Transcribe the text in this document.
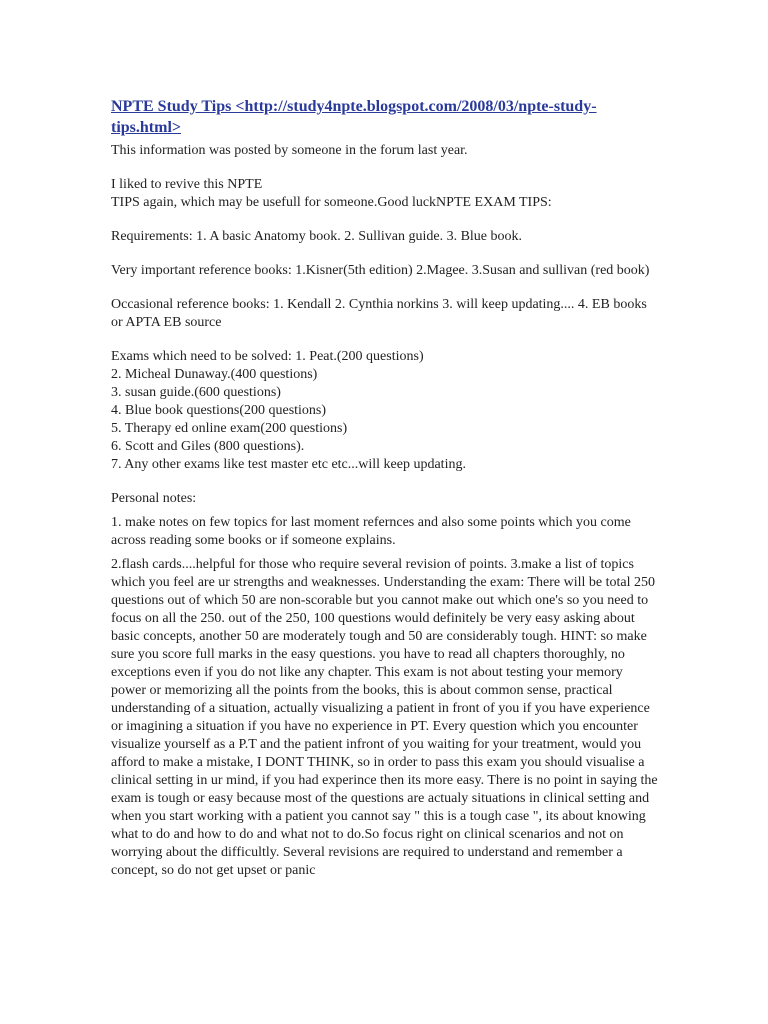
NPTE Study Tips <http://study4npte.blogspot.com/2008/03/npte-study-tips.html>

This information was posted by someone in the forum last year.

I liked to revive this NPTE

TIPS again, which may be usefull for someone.Good luckNPTE EXAM TIPS:

Requirements: 1. A basic Anatomy book. 2. Sullivan guide. 3. Blue book.

Very important reference books: 1.Kisner(5th edition) 2.Magee. 3.Susan and sullivan (red book)

Occasional reference books: 1. Kendall 2. Cynthia norkins 3. will keep updating.... 4. EB books or APTA EB source

Exams which need to be solved: 1. Peat.(200 questions)

2. Micheal Dunaway.(400 questions)

3. susan guide.(600 questions)

4. Blue book questions(200 questions)

5. Therapy ed online exam(200 questions)

6. Scott and Giles (800 questions).

7. Any other exams like test master etc etc...will keep updating.

Personal notes:

1. make notes on few topics for last moment refernces and also some points which you come across reading some books or if someone explains.

2.flash cards....helpful for those who require several revision of points. 3.make a list of topics which you feel are ur strengths and weaknesses. Understanding the exam: There will be total 250 questions out of which 50 are non-scorable but you cannot make out which one's so you need to focus on all the 250. out of the 250, 100 questions would definitely be very easy asking about basic concepts, another 50 are moderately tough and 50 are considerably tough. HINT: so make sure you score full marks in the easy questions. you have to read all chapters thoroughly, no exceptions even if you do not like any chapter. This exam is not about testing your memory power or memorizing all the points from the books, this is about common sense, practical understanding of a situation, actually visualizing a patient in front of you if you have experience or imagining a situation if you have no experience in PT. Every question which you encounter visualize yourself as a P.T and the patient infront of you waiting for your treatment, would you afford to make a mistake, I DONT THINK, so in order to pass this exam you should visualise a clinical setting in ur mind, if you had experince then its more easy. There is no point in saying the exam is tough or easy because most of the questions are actualy situations in clinical setting and when you start working with a patient you cannot say " this is a tough case ", its about knowing what to do and how to do and what not to do.So focus right on clinical scenarios and not on worrying about the difficultly. Several revisions are required to understand and remember a concept, so do not get upset or panic
